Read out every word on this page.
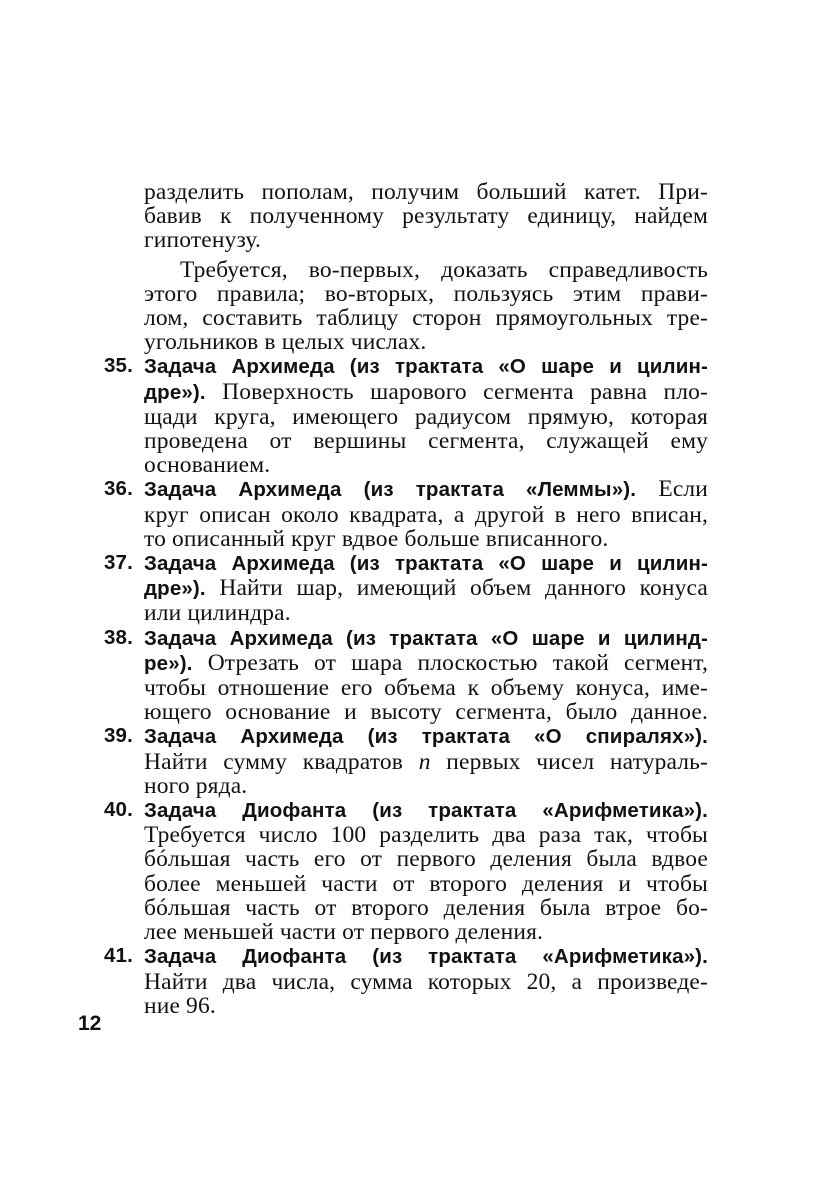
разделить пополам, получим больший катет. При-
бавив к полученному результату единицу, найдем
гипотенузу.
Требуется, во-первых, доказать справедливость
этого правила; во-вторых, пользуясь этим прави-
лом, составить таблицу сторон прямоугольных тре-
угольников в целых числах.
35. Задача Архимеда (из трактата «О шаре и цилин-
дре»). Поверхность шарового сегмента равна пло-
щади круга, имеющего радиусом прямую, которая
проведена от вершины сегмента, служащей ему
основанием.
36. Задача Архимеда (из трактата «Леммы»). Если
круг описан около квадрата, а другой в него вписан,
то описанный круг вдвое больше вписанного.
37. Задача Архимеда (из трактата «О шаре и цилин-
дре»). Найти шар, имеющий объем данного конуса
или цилиндра.
38. Задача Архимеда (из трактата «О шаре и цилинд-
ре»). Отрезать от шара плоскостью такой сегмент,
чтобы отношение его объема к объему конуса, име-
ющего основание и высоту сегмента, было данное.
39. Задача Архимеда (из трактата «О спиралях»).
Найти сумму квадратов n первых чисел натураль-
ного ряда.
40. Задача Диофанта (из трактата «Арифметика»).
Требуется число 100 разделить два раза так, чтобы
бóльшая часть его от первого деления была вдвое
более меньшей части от второго деления и чтобы
бóльшая часть от второго деления была втрое бо-
лее меньшей части от первого деления.
41. Задача Диофанта (из трактата «Арифметика»).
Найти два числа, сумма которых 20, а произведе-
ние 96.
12
